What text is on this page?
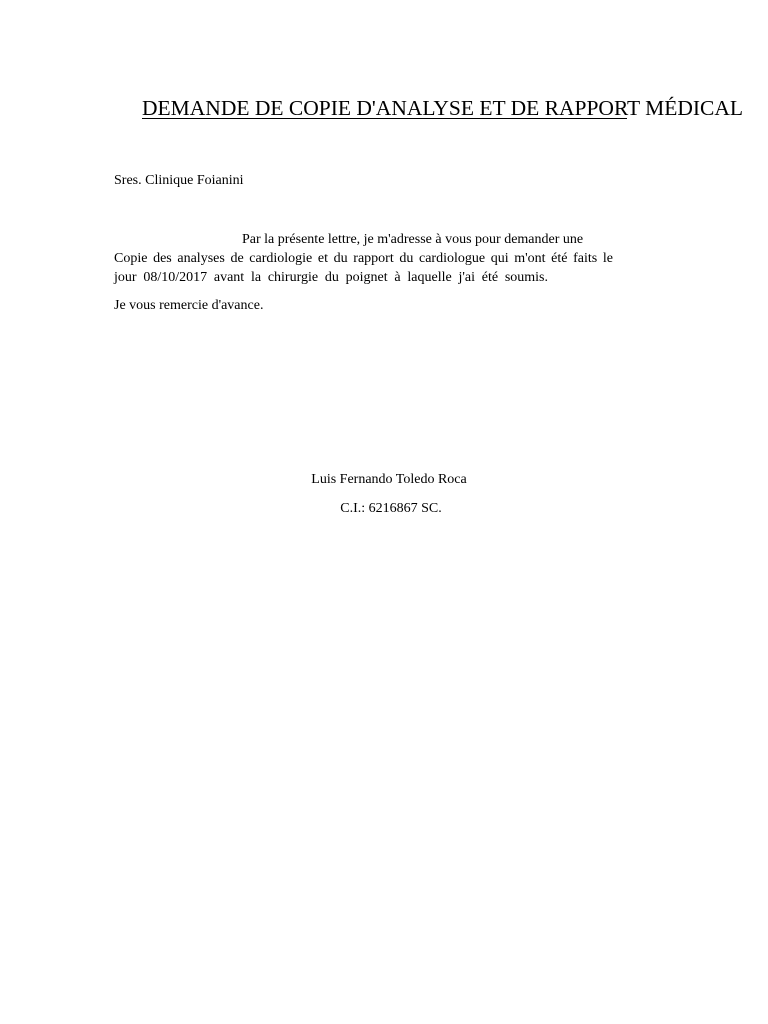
DEMANDE DE COPIE D'ANALYSE ET DE RAPPORT MÉDICAL
Sres. Clinique Foianini
Par la présente lettre, je m'adresse à vous pour demander une
Copie des analyses de cardiologie et du rapport du cardiologue qui m'ont été faits le
jour 08/10/2017 avant la chirurgie du poignet à laquelle j'ai été soumis.
Je vous remercie d'avance.
Luis Fernando Toledo Roca
C.I.: 6216867 SC.
